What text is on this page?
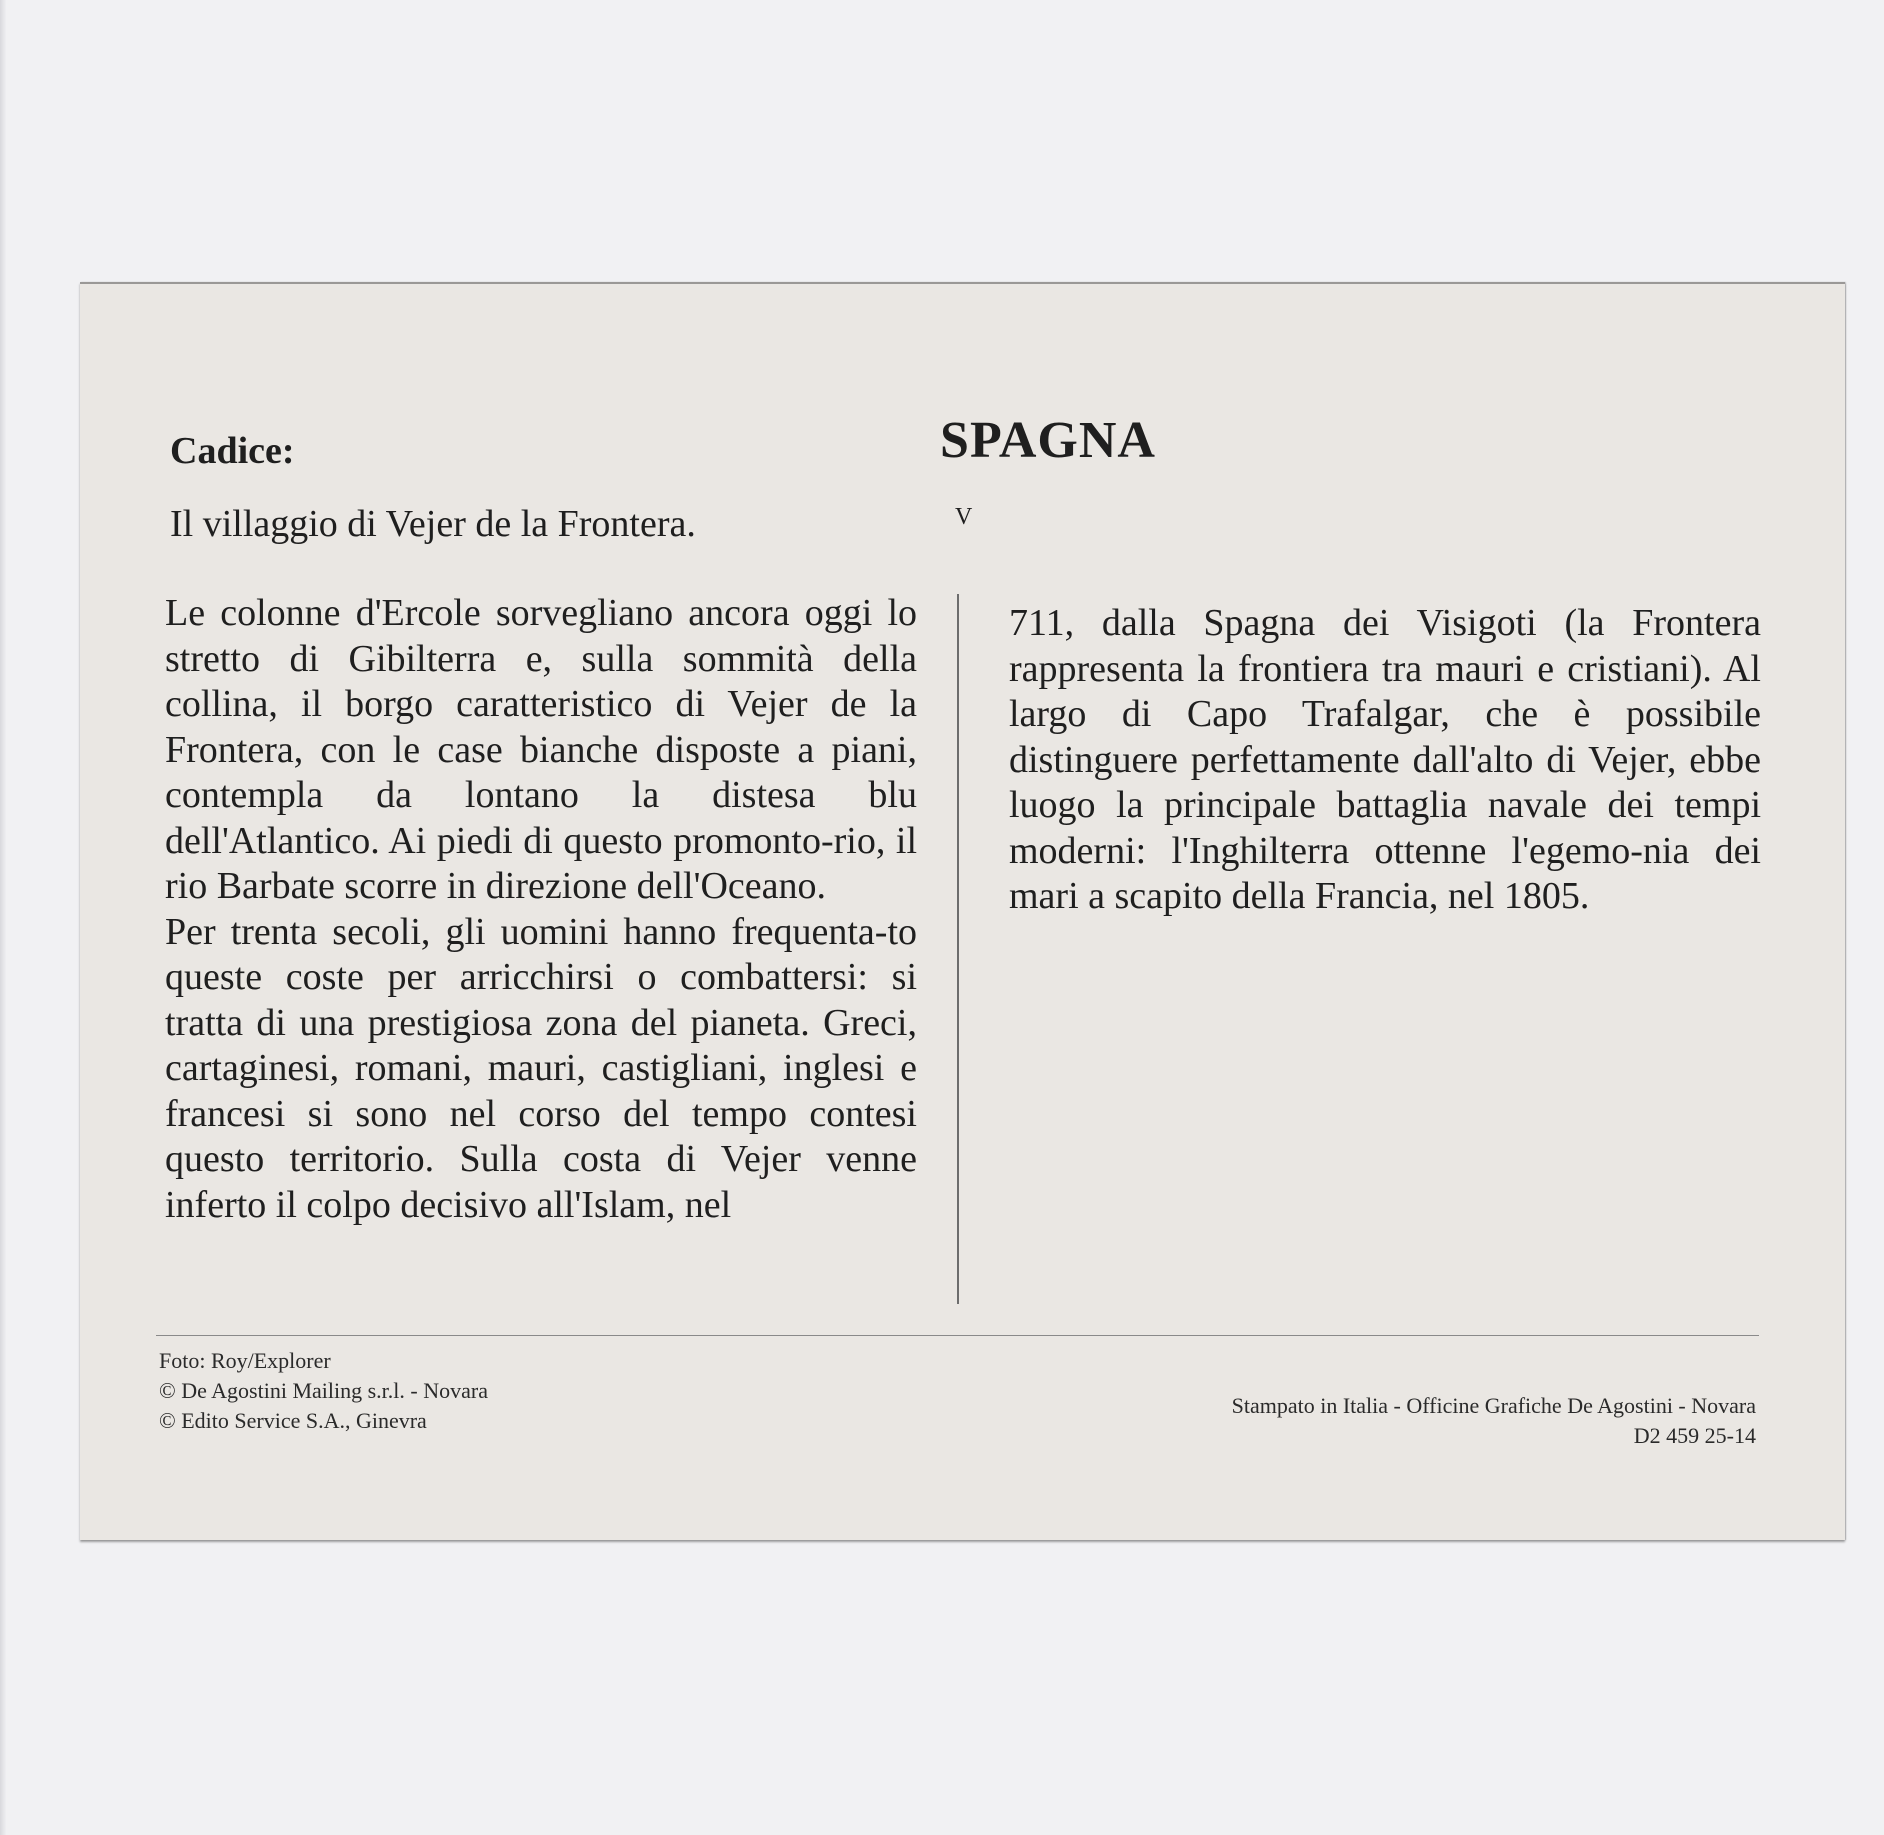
SPAGNA
V
Cadice:
Il villaggio di Vejer de la Frontera.

Le colonne d'Ercole sorvegliano ancora oggi lo stretto di Gibilterra e, sulla sommità della collina, il borgo caratteristico di Vejer de la Frontera, con le case bianche disposte a piani, contempla da lontano la distesa blu dell'Atlantico. Ai piedi di questo promonto-rio, il rio Barbate scorre in direzione dell'Oceano.

Per trenta secoli, gli uomini hanno frequenta-to queste coste per arricchirsi o combattersi: si tratta di una prestigiosa zona del pianeta. Greci, cartaginesi, romani, mauri, castigliani, inglesi e francesi si sono nel corso del tempo contesi questo territorio. Sulla costa di Vejer venne inferto il colpo decisivo all'Islam, nel

711, dalla Spagna dei Visigoti (la Frontera rappresenta la frontiera tra mauri e cristiani). Al largo di Capo Trafalgar, che è possibile distinguere perfettamente dall'alto di Vejer, ebbe luogo la principale battaglia navale dei tempi moderni: l'Inghilterra ottenne l'egemo-nia dei mari a scapito della Francia, nel 1805.

Foto: Roy/Explorer
© De Agostini Mailing s.r.l. - Novara
© Edito Service S.A., Ginevra
Stampato in Italia - Officine Grafiche De Agostini - Novara
D2 459 25-14
